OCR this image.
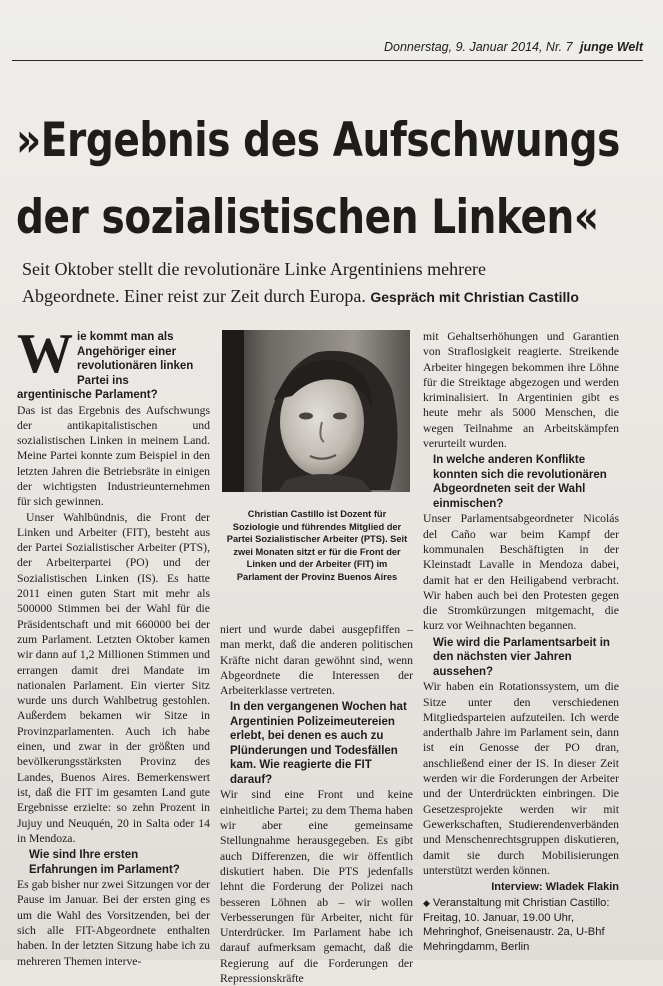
Donnerstag, 9. Januar 2014, Nr. 7 junge Welt
»Ergebnis des Aufschwungs
der sozialistischen Linken«
Seit Oktober stellt die revolutionäre Linke Argentiniens mehrere
Abgeordnete. Einer reist zur Zeit durch Europa. Gespräch mit Christian Castillo
W ie kommt man als Angehöriger einer revolutionären linken Partei ins argentinische Parlament?

Das ist das Ergebnis des Aufschwungs der antikapitalistischen und sozialistischen Linken in meinem Land. Meine Partei konnte zum Beispiel in den letzten Jahren die Betriebsräte in einigen der wichtigsten Industrieunternehmen für sich gewinnen.

Unser Wahlbündnis, die Front der Linken und Arbeiter (FIT), besteht aus der Partei Sozialistischer Arbeiter (PTS), der Arbeiterpartei (PO) und der Sozialistischen Linken (IS). Es hatte 2011 einen guten Start mit mehr als 500000 Stimmen bei der Wahl für die Präsidentschaft und mit 660000 bei der zum Parlament. Letzten Oktober kamen wir dann auf 1,2 Millionen Stimmen und errangen damit drei Mandate im nationalen Parlament. Ein vierter Sitz wurde uns durch Wahlbetrug gestohlen. Außerdem bekamen wir Sitze in Provinzparlamenten. Auch ich habe einen, und zwar in der größten und bevölkerungsstärksten Provinz des Landes, Buenos Aires. Bemerkenswert ist, daß die FIT im gesamten Land gute Ergebnisse erzielte: so zehn Prozent in Jujuy und Neuquén, 20 in Salta oder 14 in Mendoza.

Wie sind Ihre ersten Erfahrungen im Parlament?

Es gab bisher nur zwei Sitzungen vor der Pause im Januar. Bei der ersten ging es um die Wahl des Vorsitzenden, bei der sich alle FIT-Abgeordnete enthalten haben. In der letzten Sitzung habe ich zu mehreren Themen interve-

Christian Castillo ist Dozent für Soziologie und führendes Mitglied der Partei Sozialistischer Arbeiter (PTS). Seit zwei Monaten sitzt er für die Front der Linken und der Arbeiter (FIT) im Parlament der Provinz Buenos Aires

niert und wurde dabei ausgepfiffen – man merkt, daß die anderen politischen Kräfte nicht daran gewöhnt sind, wenn Abgeordnete die Interessen der Arbeiterklasse vertreten.

In den vergangenen Wochen hat Argentinien Polizeimeutereien erlebt, bei denen es auch zu Plünderungen und Todesfällen kam. Wie reagierte die FIT darauf?

Wir sind eine Front und keine einheitliche Partei; zu dem Thema haben wir aber eine gemeinsame Stellungnahme herausgegeben. Es gibt auch Differenzen, die wir öffentlich diskutiert haben. Die PTS jedenfalls lehnt die Forderung der Polizei nach besseren Löhnen ab – wir wollen Verbesserungen für Arbeiter, nicht für Unterdrücker. Im Parlament habe ich darauf aufmerksam gemacht, daß die Regierung auf die Forderungen der Repressionskräfte

mit Gehaltserhöhungen und Garantien von Straflosigkeit reagierte. Streikende Arbeiter hingegen bekommen ihre Löhne für die Streiktage abgezogen und werden kriminalisiert. In Argentinien gibt es heute mehr als 5000 Menschen, die wegen Teilnahme an Arbeitskämpfen verurteilt wurden.

In welche anderen Konflikte konnten sich die revolutionären Abgeordneten seit der Wahl einmischen?

Unser Parlamentsabgeordneter Nicolás del Caño war beim Kampf der kommunalen Beschäftigten in der Kleinstadt Lavalle in Mendoza dabei, damit hat er den Heiligabend verbracht. Wir haben auch bei den Protesten gegen die Stromkürzungen mitgemacht, die kurz vor Weihnachten begannen.

Wie wird die Parlamentsarbeit in den nächsten vier Jahren aussehen?

Wir haben ein Rotationssystem, um die Sitze unter den verschiedenen Mitgliedsparteien aufzuteilen. Ich werde anderthalb Jahre im Parlament sein, dann ist ein Genosse der PO dran, anschließend einer der IS. In dieser Zeit werden wir die Forderungen der Arbeiter und der Unterdrückten einbringen. Die Gesetzesprojekte werden wir mit Gewerkschaften, Studierendenverbänden und Menschenrechtsgruppen diskutieren, damit sie durch Mobilisierungen unterstützt werden können.

Interview: Wladek Flakin
◆ Veranstaltung mit Christian Castillo: Freitag, 10. Januar, 19.00 Uhr, Mehringhof, Gneisenaustr. 2a, U-Bhf Mehringdamm, Berlin
